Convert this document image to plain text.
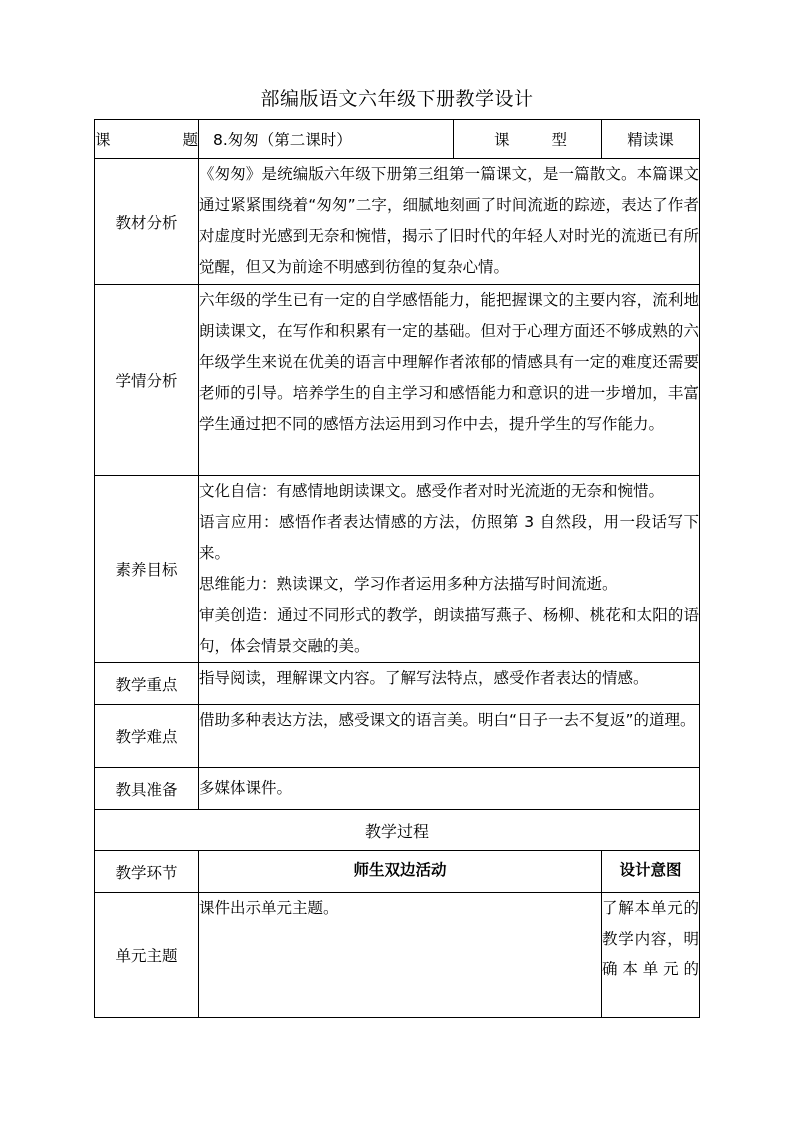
部编版语文六年级下册教学设计
课　　题	8.匆匆（第二课时）	课　　型	精读课
教材分析	《匆匆》是统编版六年级下册第三组第一篇课文，是一篇散文。本篇课文通过紧紧围绕着“匆匆”二字，细腻地刻画了时间流逝的踪迹，表达了作者对虚度时光感到无奈和惋惜，揭示了旧时代的年轻人对时光的流逝已有所觉醒，但又为前途不明感到彷徨的复杂心情。		

学情分析	六年级的学生已有一定的自学感悟能力，能把握课文的主要内容，流利地朗读课文，在写作和积累有一定的基础。但对于心理方面还不够成熟的六年级学生来说在优美的语言中理解作者浓郁的情感具有一定的难度还需要老师的引导。培养学生的自主学习和感悟能力和意识的进一步增加，丰富学生通过把不同的感悟方法运用到习作中去，提升学生的写作能力。		

素养目标	文化自信：有感情地朗读课文。感受作者对时光流逝的无奈和惋惜。

语言应用：感悟作者表达情感的方法，仿照第 3 自然段，用一段话写下来。

思维能力：熟读课文，学习作者运用多种方法描写时间流逝。

审美创造：通过不同形式的教学，朗读描写燕子、杨柳、桃花和太阳的语句，体会情景交融的美。		

教学重点	指导阅读，理解课文内容。了解写法特点，感受作者表达的情感。		
教学难点	借助多种表达方法，感受课文的语言美。明白“日子一去不复返”的道理。		
教具准备	多媒体课件。		
教学过程			
教学环节	师生双边活动		设计意图
单元主题	课件出示单元主题。		了解本单元的教学内容，明确本单元的
